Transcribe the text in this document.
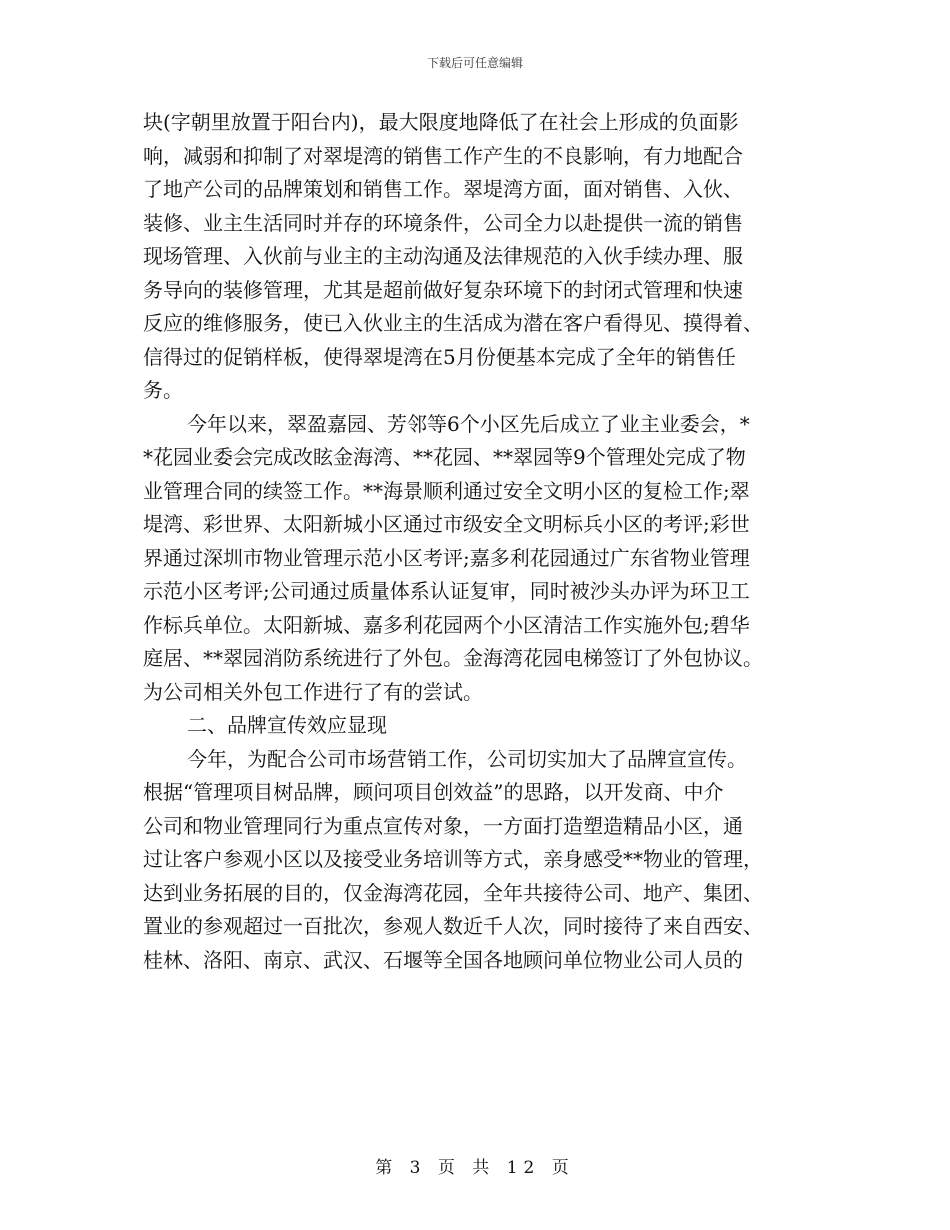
下载后可任意编辑
块(字朝里放置于阳台内)，最大限度地降低了在社会上形成的负面影
响，减弱和抑制了对翠堤湾的销售工作产生的不良影响，有力地配合
了地产公司的品牌策划和销售工作。翠堤湾方面，面对销售、入伙、
装修、业主生活同时并存的环境条件，公司全力以赴提供一流的销售
现场管理、入伙前与业主的主动沟通及法律规范的入伙手续办理、服
务导向的装修管理，尤其是超前做好复杂环境下的封闭式管理和快速
反应的维修服务，使已入伙业主的生活成为潜在客户看得见、摸得着、
信得过的促销样板，使得翠堤湾在5月份便基本完成了全年的销售任
务。
今年以来，翠盈嘉园、芳邻等6个小区先后成立了业主业委会，*
*花园业委会完成改眩金海湾、**花园、**翠园等9个管理处完成了物
业管理合同的续签工作。**海景顺利通过安全文明小区的复检工作;翠
堤湾、彩世界、太阳新城小区通过市级安全文明标兵小区的考评;彩世
界通过深圳市物业管理示范小区考评;嘉多利花园通过广东省物业管理
示范小区考评;公司通过质量体系认证复审，同时被沙头办评为环卫工
作标兵单位。太阳新城、嘉多利花园两个小区清洁工作实施外包;碧华
庭居、**翠园消防系统进行了外包。金海湾花园电梯签订了外包协议。
为公司相关外包工作进行了有的尝试。
二、品牌宣传效应显现
今年，为配合公司市场营销工作，公司切实加大了品牌宣宣传。
根据“管理项目树品牌，顾问项目创效益”的思路，以开发商、中介
公司和物业管理同行为重点宣传对象，一方面打造塑造精品小区，通
过让客户参观小区以及接受业务培训等方式，亲身感受**物业的管理，
达到业务拓展的目的，仅金海湾花园，全年共接待公司、地产、集团、
置业的参观超过一百批次，参观人数近千人次，同时接待了来自西安、
桂林、洛阳、南京、武汉、石堰等全国各地顾问单位物业公司人员的
第 3 页 共 12 页
